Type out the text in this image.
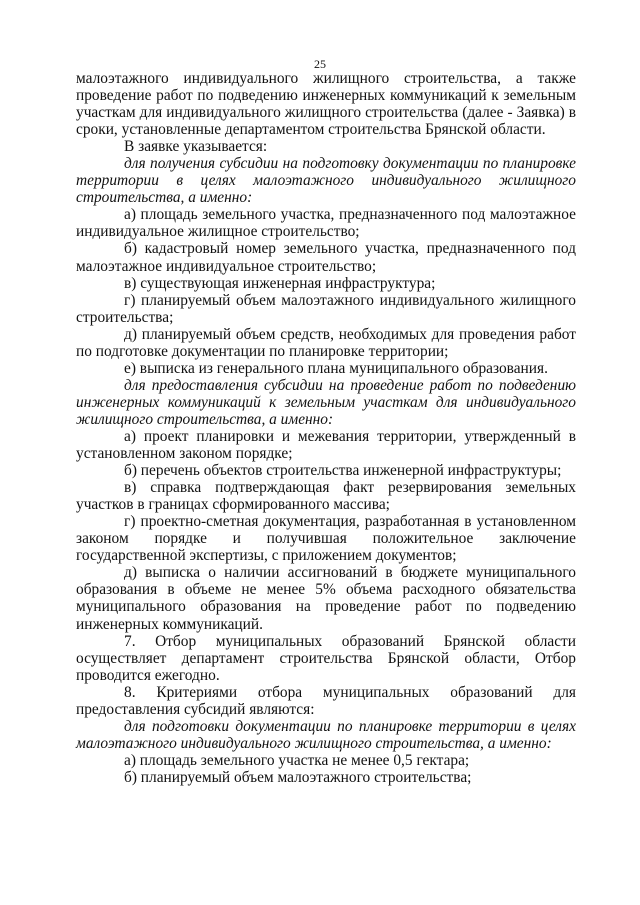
25

малоэтажного индивидуального жилищного строительства, а также проведение работ по подведению инженерных коммуникаций к земельным участкам для индивидуального жилищного строительства (далее - Заявка) в сроки, установленные департаментом строительства Брянской области.

В заявке указывается:

для получения субсидии на подготовку документации по планировке территории в целях малоэтажного индивидуального жилищного строительства, а именно:

а) площадь земельного участка, предназначенного под малоэтажное индивидуальное жилищное строительство;

б) кадастровый номер земельного участка, предназначенного под малоэтажное индивидуальное строительство;

в) существующая инженерная инфраструктура;

г) планируемый объем малоэтажного индивидуального жилищного строительства;

д) планируемый объем средств, необходимых для проведения работ по подготовке документации по планировке территории;

е) выписка из генерального плана муниципального образования.

для предоставления субсидии на проведение работ по подведению инженерных коммуникаций к земельным участкам для индивидуального жилищного строительства, а именно:

а) проект планировки и межевания территории, утвержденный в установленном законом порядке;

б) перечень объектов строительства инженерной инфраструктуры;

в) справка подтверждающая факт резервирования земельных участков в границах сформированного массива;

г) проектно-сметная документация, разработанная в установленном законом порядке и получившая положительное заключение государственной экспертизы, с приложением документов;

д) выписка о наличии ассигнований в бюджете муниципального образования в объеме не менее 5% объема расходного обязательства муниципального образования на проведение работ по подведению инженерных коммуникаций.

7. Отбор муниципальных образований Брянской области осуществляет департамент строительства Брянской области, Отбор проводится ежегодно.

8. Критериями отбора муниципальных образований для предоставления субсидий являются:

для подготовки документации по планировке территории в целях малоэтажного индивидуального жилищного строительства, а именно:

а) площадь земельного участка не менее 0,5 гектара;

б) планируемый объем малоэтажного строительства;
